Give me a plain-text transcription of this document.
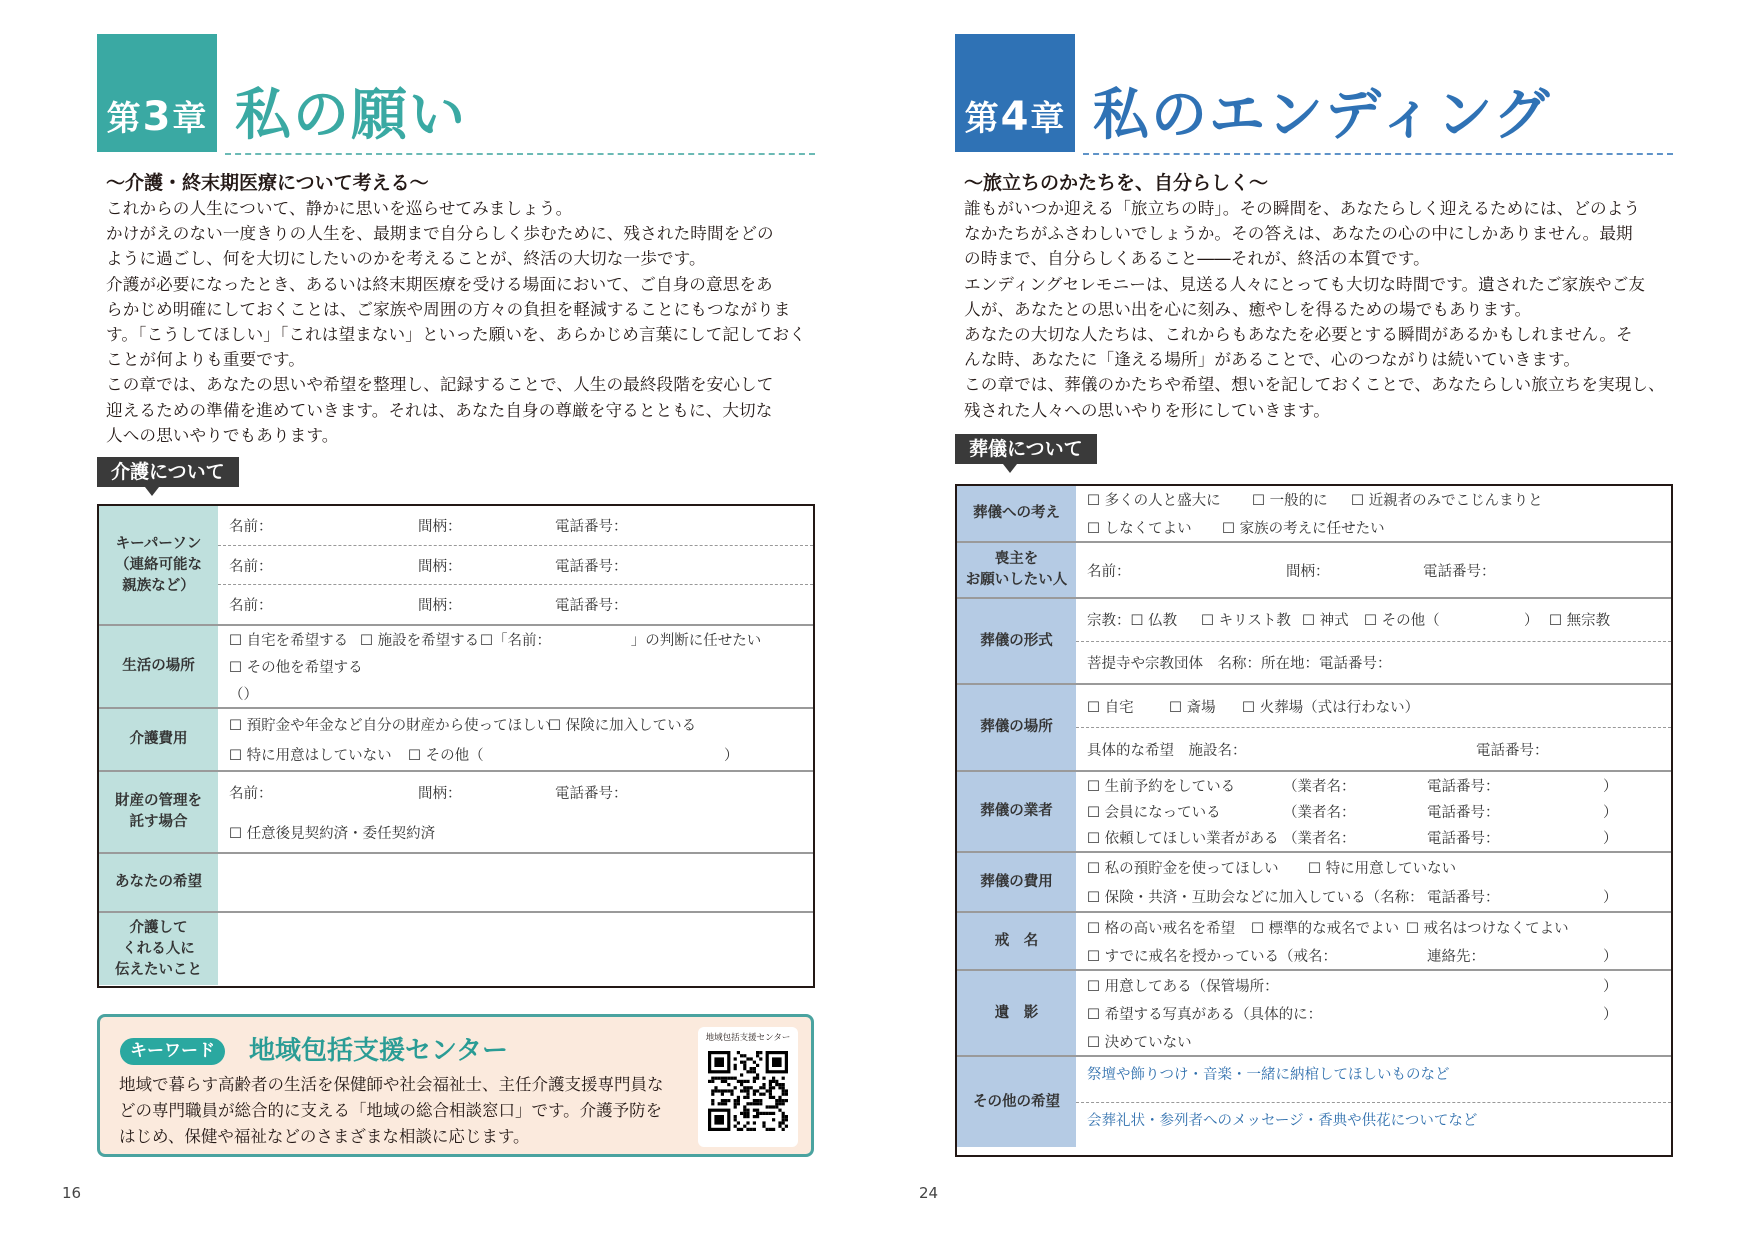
第 3 章 私の願い
～介護・終末期医療について考える～
これからの人生について、静かに思いを巡らせてみましょう。
かけがえのない一度きりの人生を、最期まで自分らしく歩むために、残された時間をどの
ように過ごし、何を大切にしたいのかを考えることが、終活の大切な一歩です。
介護が必要になったとき、あるいは終末期医療を受ける場面において、ご自身の意思をあ
らかじめ明確にしておくことは、ご家族や周囲の方々の負担を軽減することにもつながりま
す。「こうしてほしい」「これは望まない」といった願いを、あらかじめ言葉にして記しておく
ことが何よりも重要です。
この章では、あなたの思いや希望を整理し、記録することで、人生の最終段階を安心して
迎えるための準備を進めていきます。それは、あなた自身の尊厳を守るとともに、大切な
人への思いやりでもあります。
介護について
キーパーソン
（連絡可能な
親族など）
名前：	間柄：	電話番号：
名前：	間柄：	電話番号：
名前：	間柄：	電話番号：
生活の場所
☐ 自宅を希望する ☐ 施設を希望する ☐「名前：　　　　　　」の判断に任せたい
☐ その他を希望する
（ ）
介護費用
☐ 預貯金や年金など自分の財産から使ってほしい
☐ 保険に加入している
☐ 特に用意はしていない ☐ その他（	）
財産の管理を
託す場合
名前：	間柄：	電話番号：
☐ 任意後見契約済・委任契約済
あなたの希望
介護して
くれる人に
伝えたいこと
キーワード	地域包括支援センター
地域で暮らす高齢者の生活を保健師や社会福祉士、主任介護支援専門員な
どの専門職員が総合的に支える「地域の総合相談窓口」です。介護予防を
はじめ、保健や福祉などのさまざまな相談に応じます。
地域包括支援センター
16
第 4 章 私のエンディング
～旅立ちのかたちを、自分らしく～
誰もがいつか迎える「旅立ちの時」。その瞬間を、あなたらしく迎えるためには、どのよう
なかたちがふさわしいでしょうか。その答えは、あなたの心の中にしかありません。最期
の時まで、自分らしくあること――それが、終活の本質です。
エンディングセレモニーは、見送る人々にとっても大切な時間です。遺されたご家族やご友
人が、あなたとの思い出を心に刻み、癒やしを得るための場でもあります。
あなたの大切な人たちは、これからもあなたを必要とする瞬間があるかもしれません。そ
んな時、あなたに「逢える場所」があることで、心のつながりは続いていきます。
この章では、葬儀のかたちや希望、想いを記しておくことで、あなたらしい旅立ちを実現し、
残された人々への思いやりを形にしていきます。
葬儀について
葬儀への考え
☐ 多くの人と盛大に ☐ 一般的に ☐ 近親者のみでこじんまりと
☐ しなくてよい ☐ 家族の考えに任せたい
喪主を
お願いしたい人
名前：	間柄：	電話番号：
葬儀の形式
宗教：☐ 仏教 ☐ キリスト教 ☐ 神式 ☐ その他（	） ☐ 無宗教
菩提寺や宗教団体　名称： 所在地： 電話番号：
葬儀の場所
☐ 自宅 ☐ 斎場 ☐ 火葬場（式は行わない）
具体的な希望　施設名：	電話番号：
葬儀の業者
☐ 生前予約をしている	（業者名：	電話番号：	）
☐ 会員になっている	（業者名：	電話番号：	）
☐ 依頼してほしい業者がある （業者名：	電話番号：	）
葬儀の費用
☐ 私の預貯金を使ってほしい ☐ 特に用意していない
☐ 保険・共済・互助会などに加入している（名称： 電話番号：	）
戒　名
☐ 格の高い戒名を希望 ☐ 標準的な戒名でよい ☐ 戒名はつけなくてよい
☐ すでに戒名を授かっている（戒名：	連絡先：	）
遺　影
☐ 用意してある（保管場所：	）
☐ 希望する写真がある（具体的に：	）
☐ 決めていない
その他の希望
祭壇や飾りつけ・音楽・一緒に納棺してほしいものなど
会葬礼状・参列者へのメッセージ・香典や供花についてなど
24
